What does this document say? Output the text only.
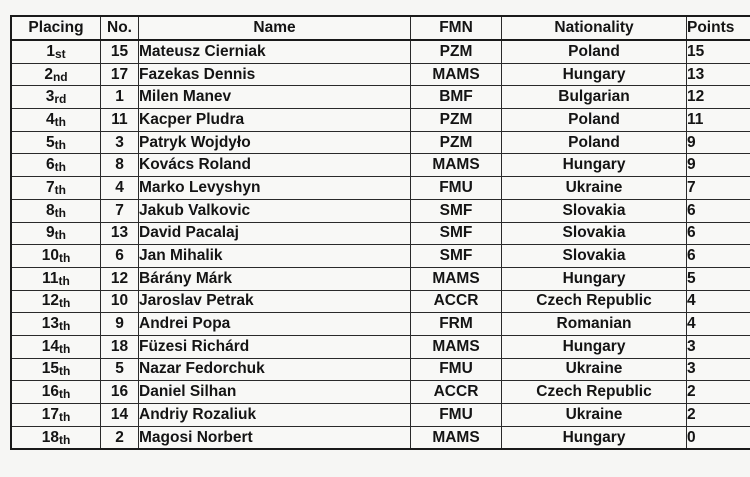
Placing	No.	Name	FMN	Nationality	Points
1st	15	Mateusz Cierniak	PZM	Poland	15
2nd	17	Fazekas Dennis	MAMS	Hungary	13
3rd	1	Milen Manev	BMF	Bulgarian	12
4th	11	Kacper Pludra	PZM	Poland	11
5th	3	Patryk Wojdyło	PZM	Poland	9
6th	8	Kovács Roland	MAMS	Hungary	9
7th	4	Marko Levyshyn	FMU	Ukraine	7
8th	7	Jakub Valkovic	SMF	Slovakia	6
9th	13	David Pacalaj	SMF	Slovakia	6
10th	6	Jan Mihalik	SMF	Slovakia	6
11th	12	Bárány Márk	MAMS	Hungary	5
12th	10	Jaroslav Petrak	ACCR	Czech Republic	4
13th	9	Andrei Popa	FRM	Romanian	4
14th	18	Füzesi Richárd	MAMS	Hungary	3
15th	5	Nazar Fedorchuk	FMU	Ukraine	3
16th	16	Daniel Silhan	ACCR	Czech Republic	2
17th	14	Andriy Rozaliuk	FMU	Ukraine	2
18th	2	Magosi Norbert	MAMS	Hungary	0
